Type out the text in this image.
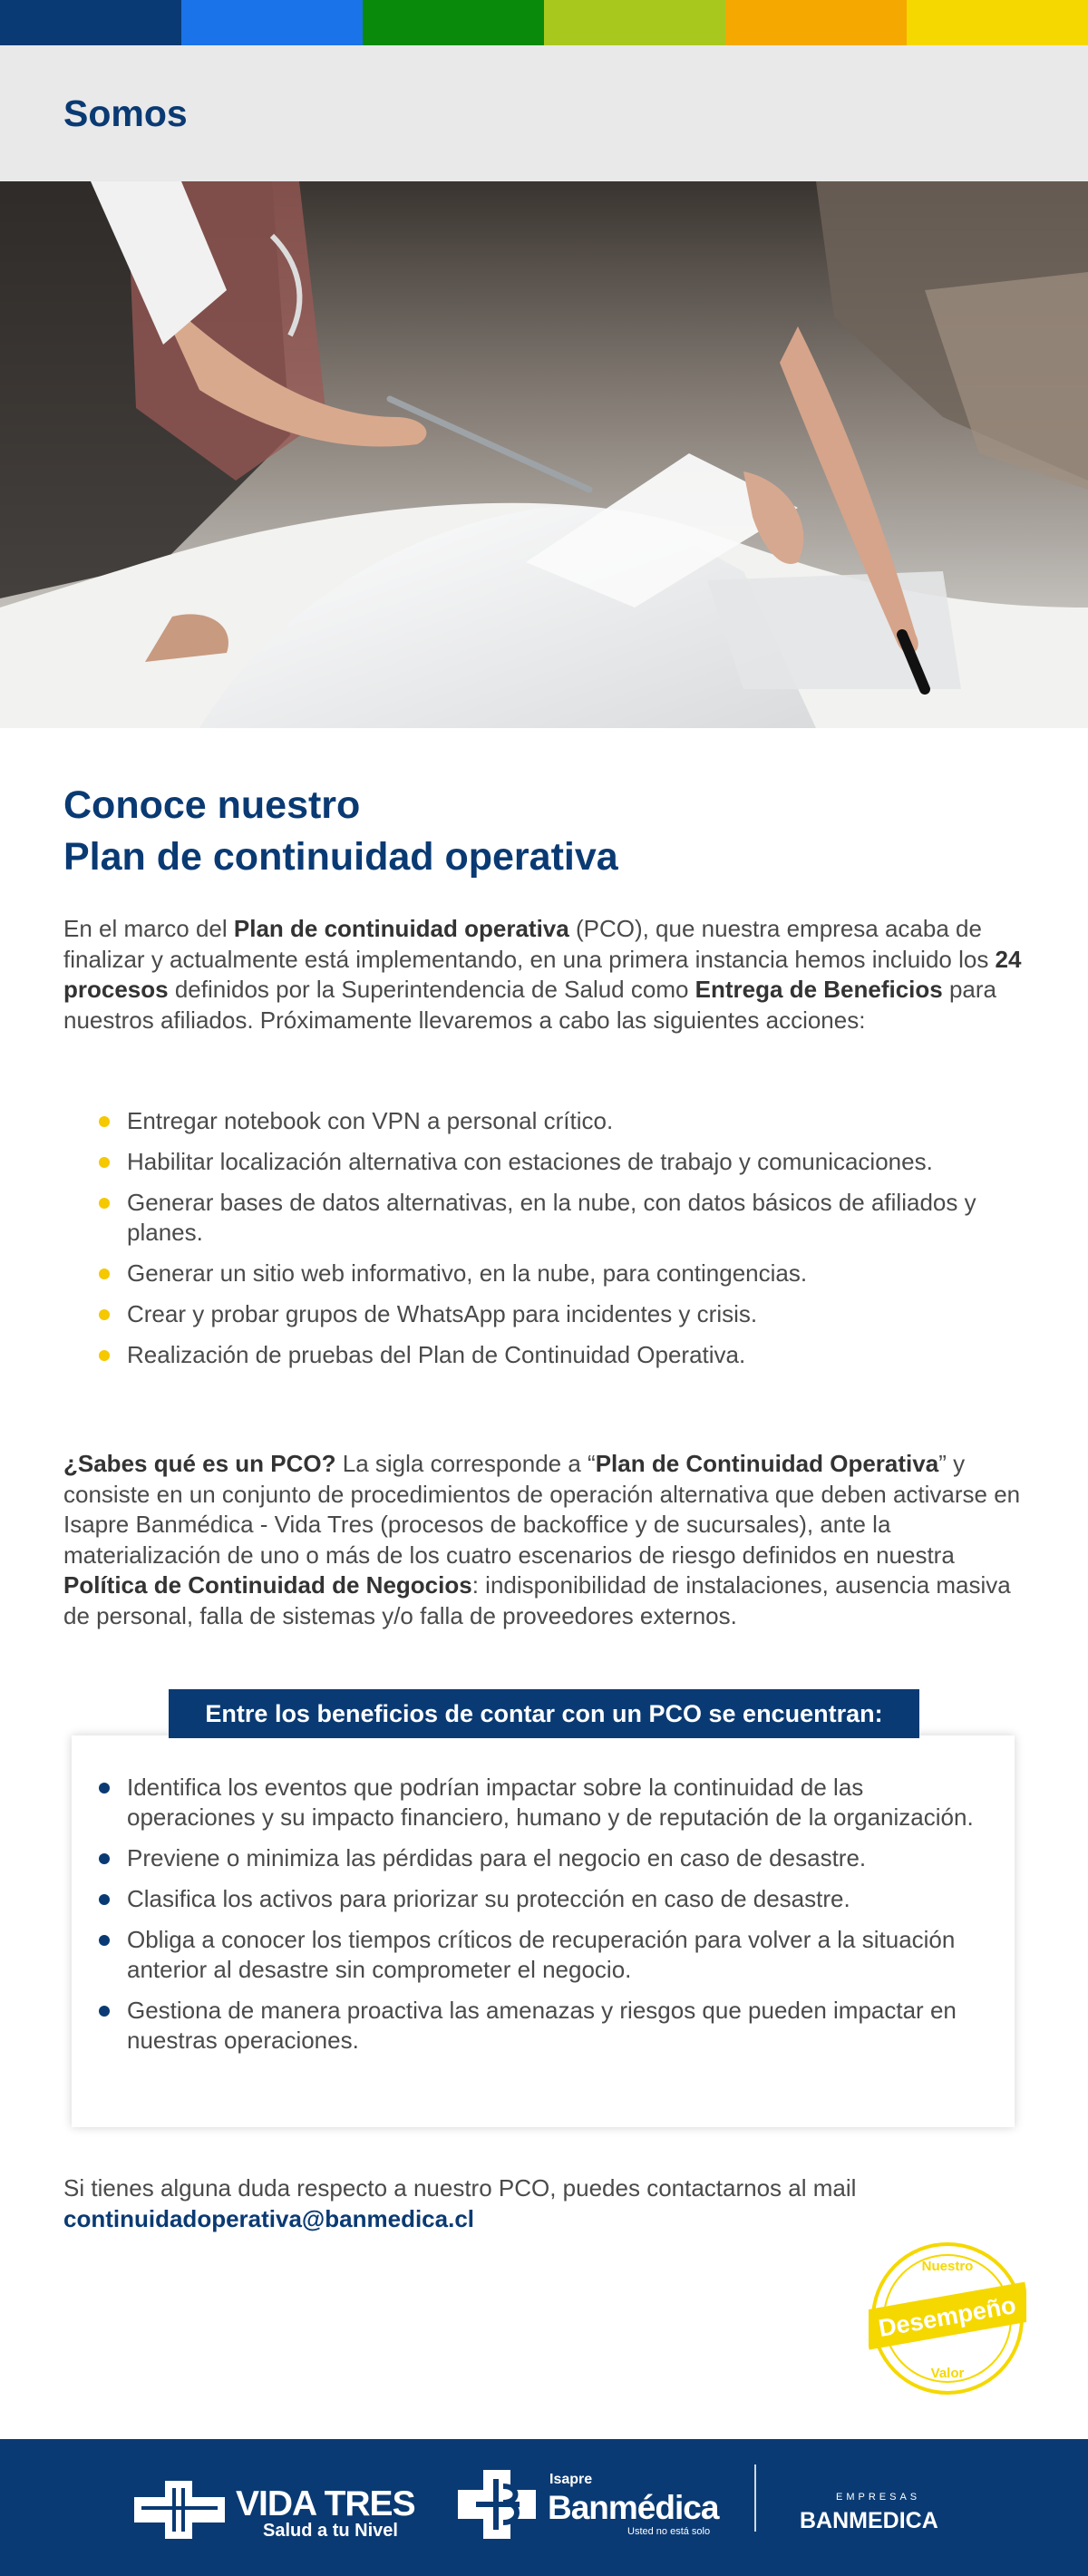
Somos
Conoce nuestro
Plan de continuidad operativa

En el marco del Plan de continuidad operativa (PCO), que nuestra empresa acaba de finalizar y actualmente está implementando, en una primera instancia hemos incluido los 24 procesos definidos por la Superintendencia de Salud como Entrega de Beneficios para nuestros afiliados. Próximamente llevaremos a cabo las siguientes acciones:

Entregar notebook con VPN a personal crítico.
Habilitar localización alternativa con estaciones de trabajo y comunicaciones.
Generar bases de datos alternativas, en la nube, con datos básicos de afiliados y planes.
Generar un sitio web informativo, en la nube, para contingencias.
Crear y probar grupos de WhatsApp para incidentes y crisis.
Realización de pruebas del Plan de Continuidad Operativa.

¿Sabes qué es un PCO? La sigla corresponde a “Plan de Continuidad Operativa” y consiste en un conjunto de procedimientos de operación alternativa que deben activarse en Isapre Banmédica - Vida Tres (procesos de backoffice y de sucursales), ante la materialización de uno o más de los cuatro escenarios de riesgo definidos en nuestra Política de Continuidad de Negocios: indisponibilidad de instalaciones, ausencia masiva de personal, falla de sistemas y/o falla de proveedores externos.

Entre los beneficios de contar con un PCO se encuentran:
Identifica los eventos que podrían impactar sobre la continuidad de las operaciones y su impacto financiero, humano y de reputación de la organización.
Previene o minimiza las pérdidas para el negocio en caso de desastre.
Clasifica los activos para priorizar su protección en caso de desastre.
Obliga a conocer los tiempos críticos de recuperación para volver a la situación anterior al desastre sin comprometer el negocio.
Gestiona de manera proactiva las amenazas y riesgos que pueden impactar en nuestras operaciones.

Si tienes alguna duda respecto a nuestro PCO, puedes contactarnos al mail
continuidadoperativa@banmedica.cl

Nuestro
Desempeño
Valor
VIDA TRES
Salud a tu Nivel
Isapre
Banmédica
Usted no está solo
EMPRESAS
BANMEDICA
